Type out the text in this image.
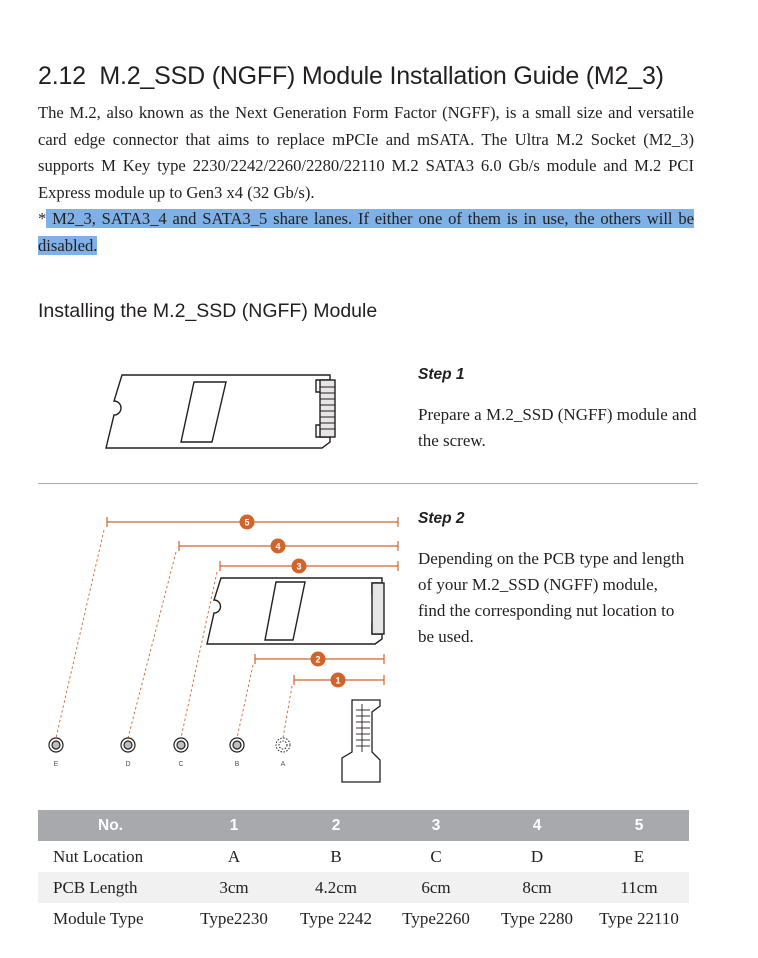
2.12 M.2_SSD (NGFF) Module Installation Guide (M2_3)

The M.2, also known as the Next Generation Form Factor (NGFF), is a small size and versatile card edge connector that aims to replace mPCIe and mSATA. The Ultra M.2 Socket (M2_3) supports M Key type 2230/2242/2260/2280/22110 M.2 SATA3 6.0 Gb/s module and M.2 PCI Express module up to Gen3 x4 (32 Gb/s).

* M2_3, SATA3_4 and SATA3_5 share lanes. If either one of them is in use, the others will be disabled.

Installing the M.2_SSD (NGFF) Module
5
4
3
2
1
E	D	C	B	A
Step 1

Prepare a M.2_SSD (NGFF) module and the screw.

Step 2

Depending on the PCB type and length of your M.2_SSD (NGFF) module, find the corresponding nut location to be used.

No.	1	2	3	4	5
Nut Location	A	B	C	D	E
PCB Length	3cm	4.2cm	6cm	8cm	11cm
Module Type	Type2230	Type 2242	Type2260	Type 2280	Type 22110
